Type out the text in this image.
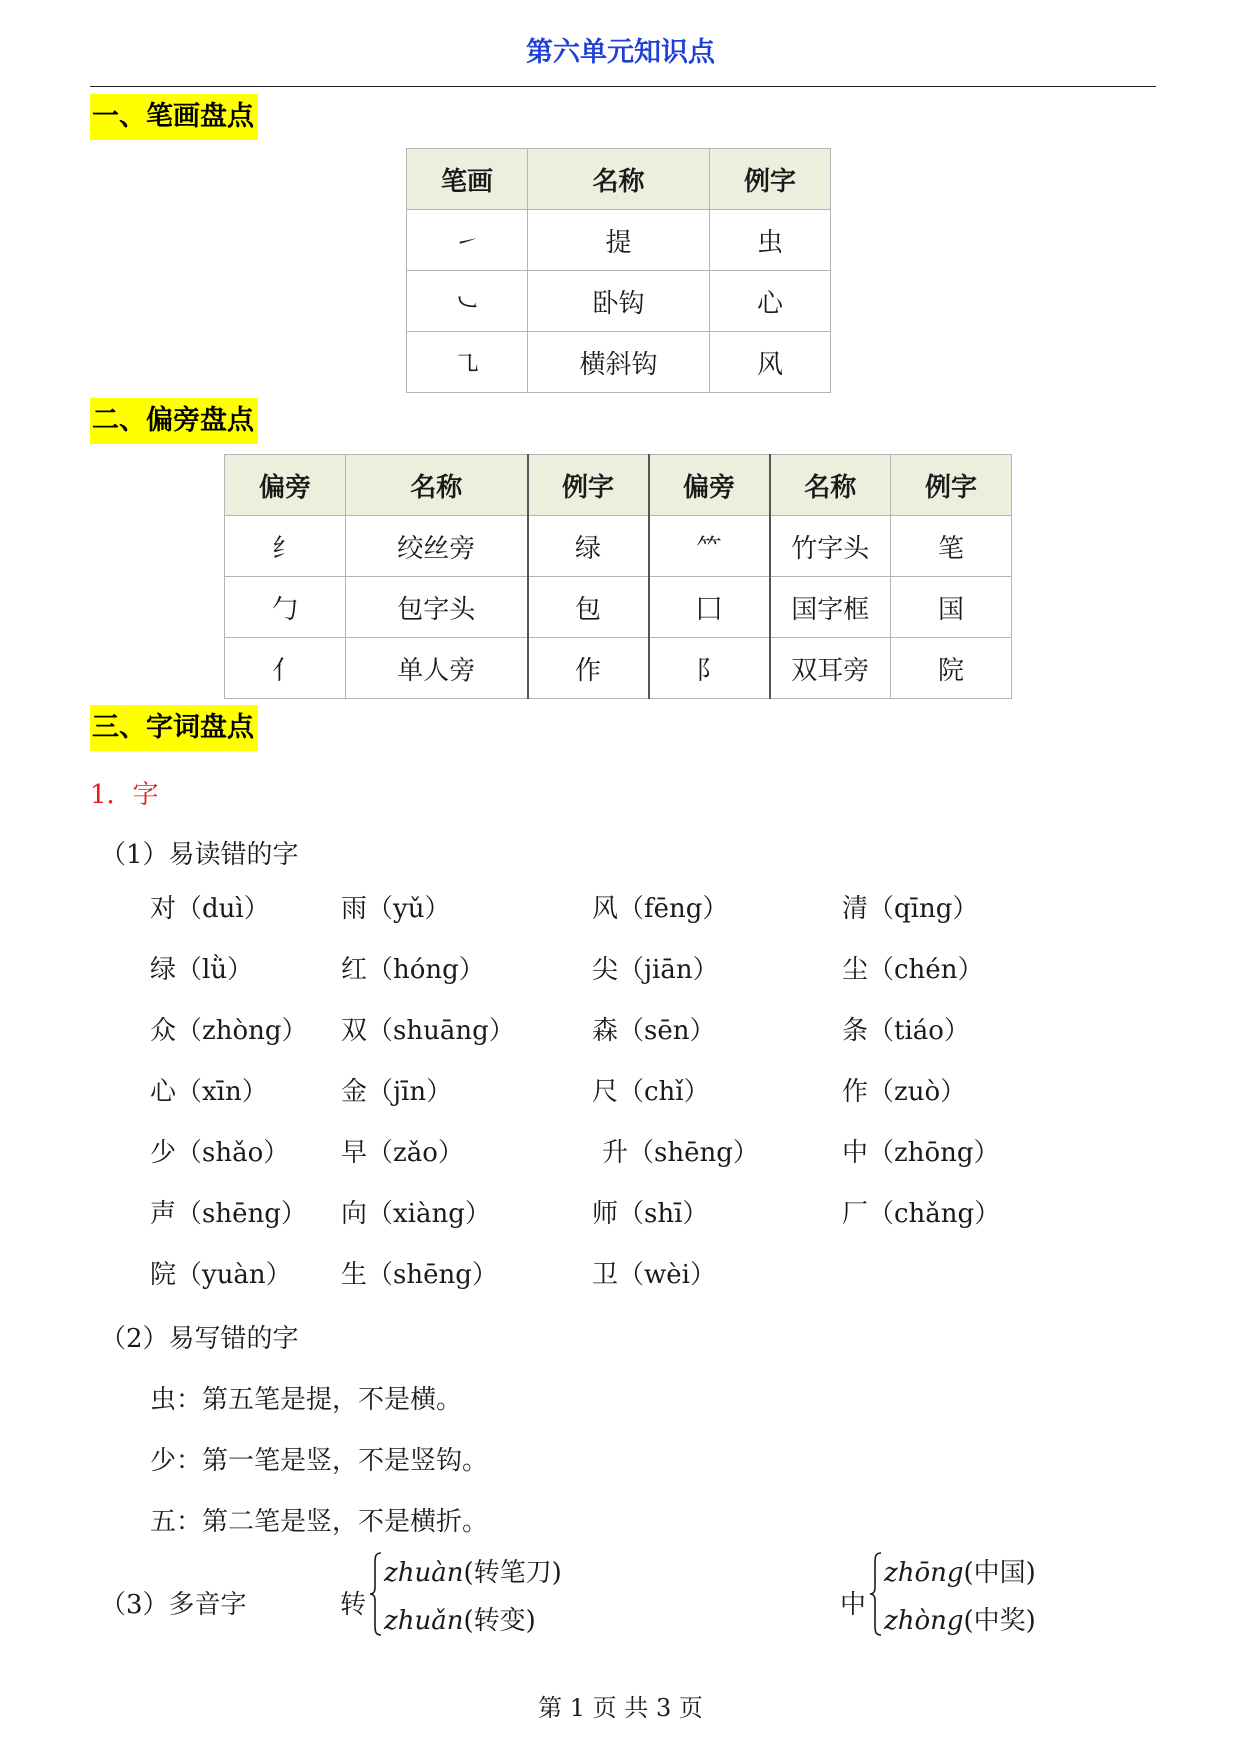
第六单元知识点
一、笔画盘点
笔画	名称	例字
㇀	提	虫
㇃	卧钩	心
㇈	横斜钩	风
二、偏旁盘点
偏旁	名称	例字	偏旁	名称	例字
纟	绞丝旁	绿	⺮	竹字头	笔
勹	包字头	包	囗	国字框	国
亻	单人旁	作	阝	双耳旁	院
三、字词盘点
1．字
（1）易读错的字
对（duì）	雨（yǔ）	风（fēng）	清（qīng）
绿（lǜ）	红（hóng）	尖（jiān）	尘（chén）
众（zhòng） 双（shuāng）	森（sēn）	条（tiáo）
心（xīn）	金（jīn）	尺（chǐ）	作（zuò）
少（shǎo） 早（zǎo）	升（shēng）	中（zhōng）
声（shēng） 向（xiàng）	师（shī）	厂（chǎng）
院（yuàn） 生（shēng）	卫（wèi）
（2）易写错的字
虫：第五笔是提，不是横。
少：第一笔是竖，不是竖钩。
五：第二笔是竖，不是横折。
（3）多音字	转
zhuàn(转笔刀)
zhuǎn(转变)
中
zhōng(中国)
zhòng(中奖)
第 1 页 共 3 页
